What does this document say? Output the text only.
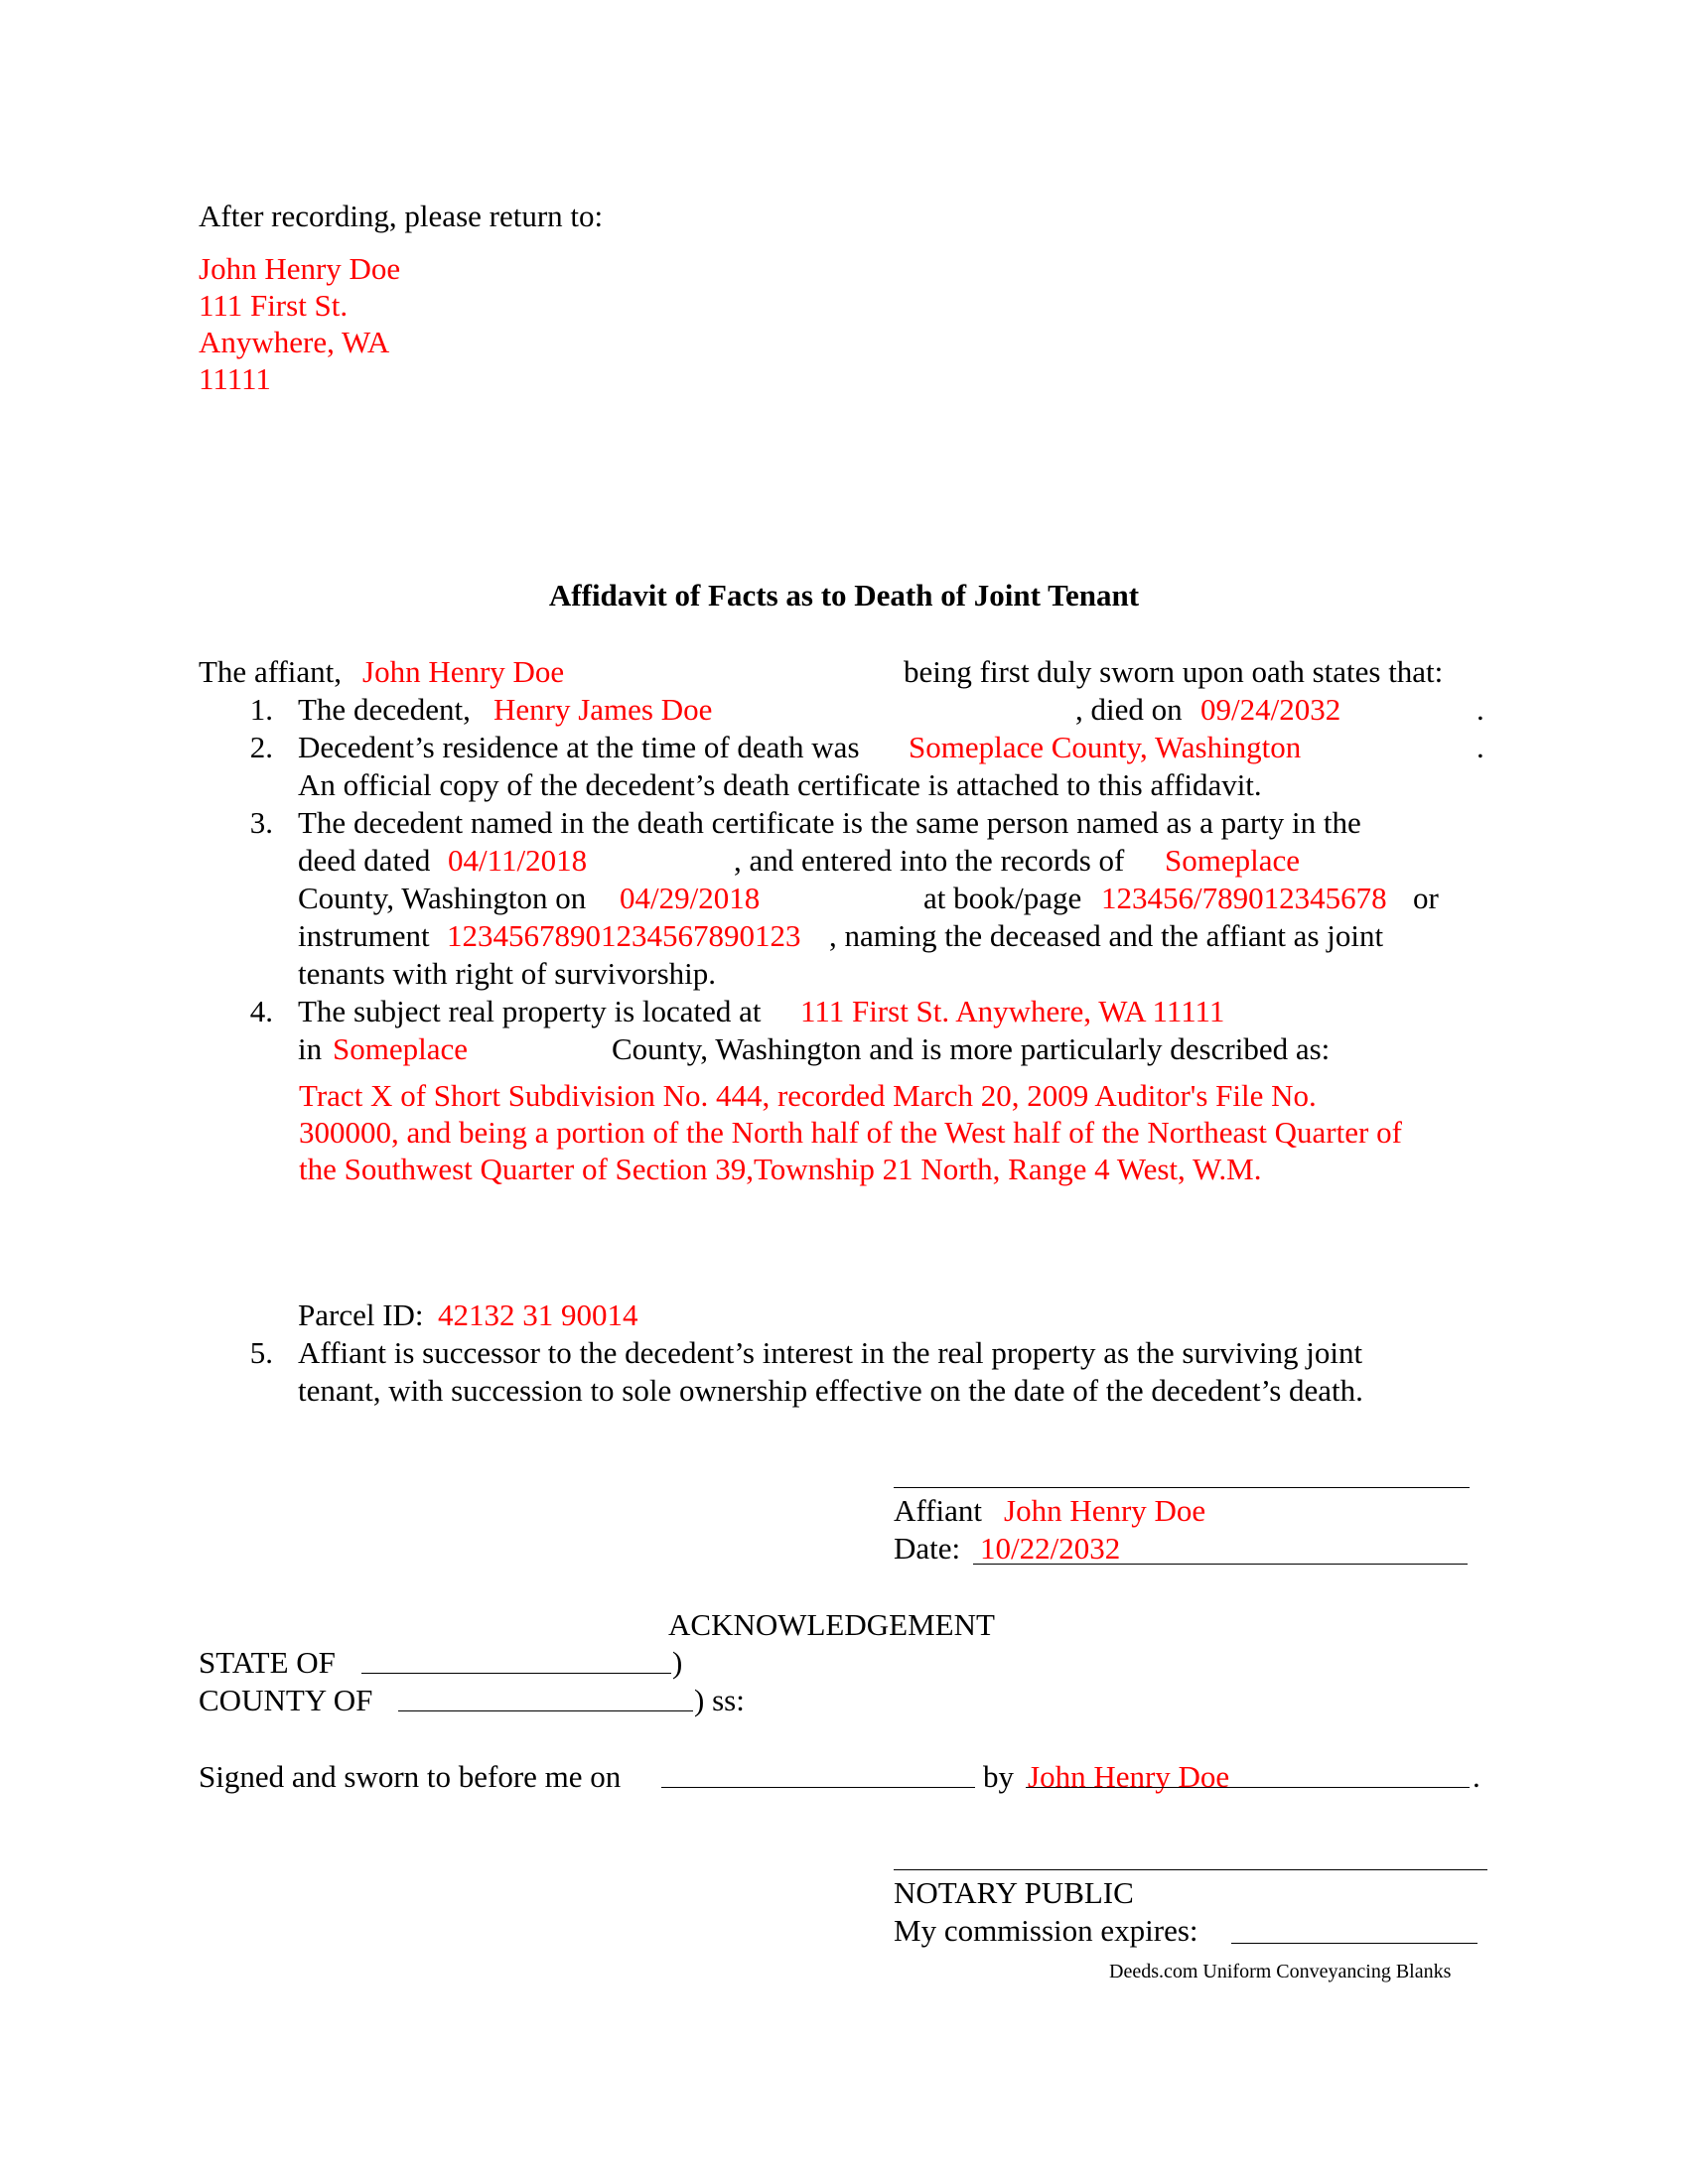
After recording, please return to:
John Henry Doe
111 First St.
Anywhere, WA
11111
Affidavit of Facts as to Death of Joint Tenant
The affiant, John Henry Doe	being first duly sworn upon oath states that:
1. The decedent, Henry James Doe	, died on 09/24/2032	.
2. Decedent’s residence at the time of death was Someplace County, Washington	.
An official copy of the decedent’s death certificate is attached to this affidavit.
3. The decedent named in the death certificate is the same person named as a party in the
deed dated 04/11/2018	, and entered into the records of Someplace
County, Washington on 04/29/2018	at book/page 123456/789012345678 or
instrument 12345678901234567890123 , naming the deceased and the affiant as joint
tenants with right of survivorship.
4. The subject real property is located at 111 First St. Anywhere, WA 11111
in Someplace	County, Washington and is more particularly described as:
Tract X of Short Subdivision No. 444, recorded March 20, 2009 Auditor's File No.
300000, and being a portion of the North half of the West half of the Northeast Quarter of
the Southwest Quarter of Section 39,Township 21 North, Range 4 West, W.M.
Parcel ID: 42132 31 90014
5. Affiant is successor to the decedent’s interest in the real property as the surviving joint
tenant, with succession to sole ownership effective on the date of the decedent’s death.
Affiant John Henry Doe
Date: 10/22/2032
ACKNOWLEDGEMENT
STATE OF	)
COUNTY OF	) ss:
Signed and sworn to before me on	by John Henry Doe	.
NOTARY PUBLIC
My commission expires:
Deeds.com Uniform Conveyancing Blanks
